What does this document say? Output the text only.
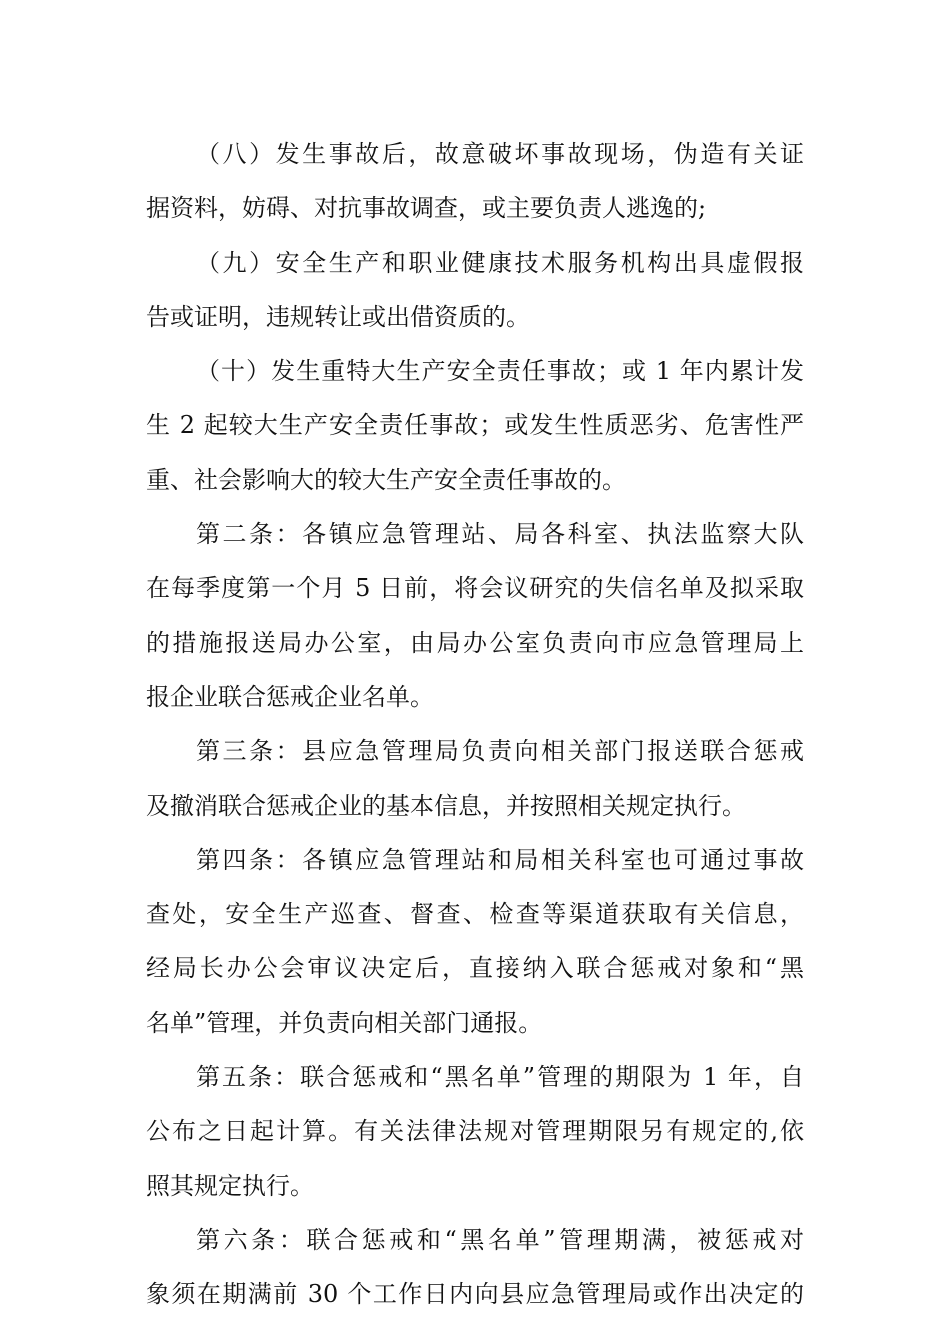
（八）发生事故后，故意破坏事故现场，伪造有关证
据资料，妨碍、对抗事故调查，或主要负责人逃逸的;
（九）安全生产和职业健康技术服务机构出具虚假报
告或证明，违规转让或出借资质的。
（十）发生重特大生产安全责任事故；或 1 年内累计发
生 2 起较大生产安全责任事故；或发生性质恶劣、危害性严
重、社会影响大的较大生产安全责任事故的。
第二条：各镇应急管理站、局各科室、执法监察大队
在每季度第一个月 5 日前，将会议研究的失信名单及拟采取
的措施报送局办公室，由局办公室负责向市应急管理局上
报企业联合惩戒企业名单。
第三条：县应急管理局负责向相关部门报送联合惩戒
及撤消联合惩戒企业的基本信息，并按照相关规定执行。
第四条：各镇应急管理站和局相关科室也可通过事故
查处，安全生产巡查、督查、检查等渠道获取有关信息，
经局长办公会审议决定后，直接纳入联合惩戒对象和“黑
名单”管理，并负责向相关部门通报。
第五条：联合惩戒和“黑名单”管理的期限为 1 年，自
公布之日起计算。有关法律法规对管理期限另有规定的,依
照其规定执行。
第六条：联合惩戒和“黑名单”管理期满，被惩戒对
象须在期满前 30 个工作日内向县应急管理局或作出决定的
